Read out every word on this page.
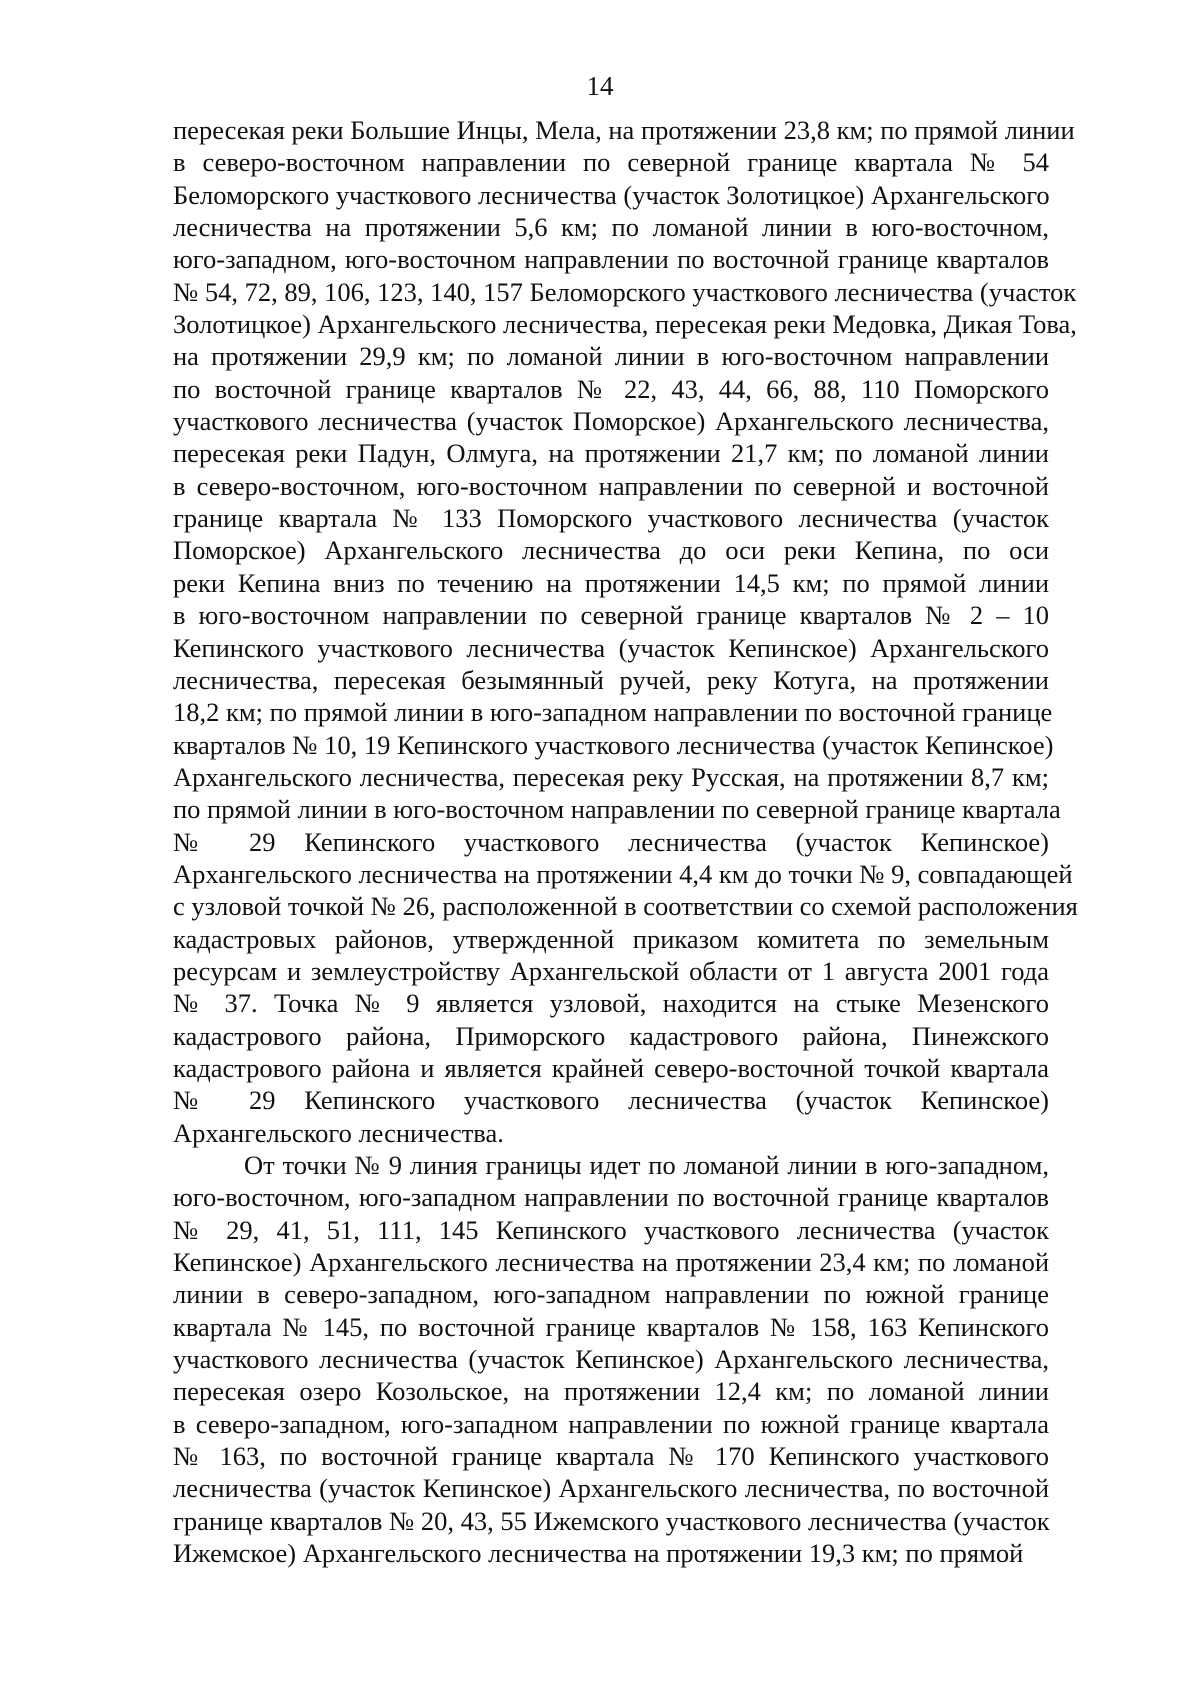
14
пересекая реки Большие Инцы, Мела, на протяжении 23,8 км; по прямой линии
в северо-восточном направлении по северной границе квартала № 54
Беломорского участкового лесничества (участок Золотицкое) Архангельского
лесничества на протяжении 5,6 км; по ломаной линии в юго-восточном,
юго-западном, юго-восточном направлении по восточной границе кварталов
№ 54, 72, 89, 106, 123, 140, 157 Беломорского участкового лесничества (участок
Золотицкое) Архангельского лесничества, пересекая реки Медовка, Дикая Това,
на протяжении 29,9 км; по ломаной линии в юго-восточном направлении
по восточной границе кварталов № 22, 43, 44, 66, 88, 110 Поморского
участкового лесничества (участок Поморское) Архангельского лесничества,
пересекая реки Падун, Олмуга, на протяжении 21,7 км; по ломаной линии
в северо-восточном, юго-восточном направлении по северной и восточной
границе квартала № 133 Поморского участкового лесничества (участок
Поморское) Архангельского лесничества до оси реки Кепина, по оси
реки Кепина вниз по течению на протяжении 14,5 км; по прямой линии
в юго-восточном направлении по северной границе кварталов № 2 – 10
Кепинского участкового лесничества (участок Кепинское) Архангельского
лесничества, пересекая безымянный ручей, реку Котуга, на протяжении
18,2 км; по прямой линии в юго-западном направлении по восточной границе
кварталов № 10, 19 Кепинского участкового лесничества (участок Кепинское)
Архангельского лесничества, пересекая реку Русская, на протяжении 8,7 км;
по прямой линии в юго-восточном направлении по северной границе квартала
№ 29 Кепинского участкового лесничества (участок Кепинское)
Архангельского лесничества на протяжении 4,4 км до точки № 9, совпадающей
с узловой точкой № 26, расположенной в соответствии со схемой расположения
кадастровых районов, утвержденной приказом комитета по земельным
ресурсам и землеустройству Архангельской области от 1 августа 2001 года
№ 37. Точка № 9 является узловой, находится на стыке Мезенского
кадастрового района, Приморского кадастрового района, Пинежского
кадастрового района и является крайней северо-восточной точкой квартала
№ 29 Кепинского участкового лесничества (участок Кепинское)
Архангельского лесничества.
От точки № 9 линия границы идет по ломаной линии в юго-западном,
юго-восточном, юго-западном направлении по восточной границе кварталов
№ 29, 41, 51, 111, 145 Кепинского участкового лесничества (участок
Кепинское) Архангельского лесничества на протяжении 23,4 км; по ломаной
линии в северо-западном, юго-западном направлении по южной границе
квартала № 145, по восточной границе кварталов № 158, 163 Кепинского
участкового лесничества (участок Кепинское) Архангельского лесничества,
пересекая озеро Козольское, на протяжении 12,4 км; по ломаной линии
в северо-западном, юго-западном направлении по южной границе квартала
№ 163, по восточной границе квартала № 170 Кепинского участкового
лесничества (участок Кепинское) Архангельского лесничества, по восточной
границе кварталов № 20, 43, 55 Ижемского участкового лесничества (участок
Ижемское) Архангельского лесничества на протяжении 19,3 км; по прямой
